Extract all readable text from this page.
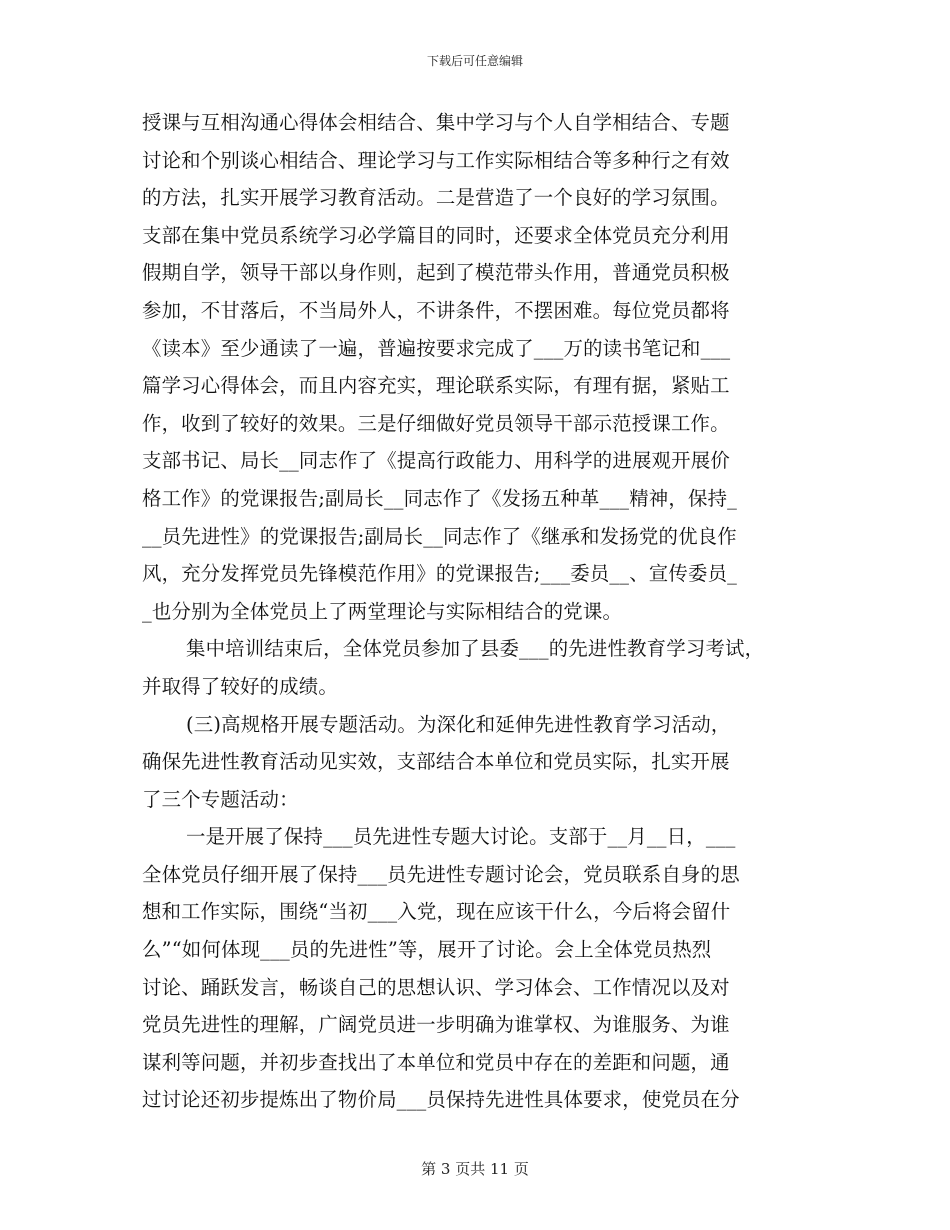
下载后可任意编辑
授课与互相沟通心得体会相结合、集中学习与个人自学相结合、专题
讨论和个别谈心相结合、理论学习与工作实际相结合等多种行之有效
的方法，扎实开展学习教育活动。二是营造了一个良好的学习氛围。
支部在集中党员系统学习必学篇目的同时，还要求全体党员充分利用
假期自学，领导干部以身作则，起到了模范带头作用，普通党员积极
参加，不甘落后，不当局外人，不讲条件，不摆困难。每位党员都将
《读本》至少通读了一遍，普遍按要求完成了___万的读书笔记和___
篇学习心得体会，而且内容充实，理论联系实际，有理有据，紧贴工
作，收到了较好的效果。三是仔细做好党员领导干部示范授课工作。
支部书记、局长__同志作了《提高行政能力、用科学的进展观开展价
格工作》的党课报告;副局长__同志作了《发扬五种革___精神，保持_
__员先进性》的党课报告;副局长__同志作了《继承和发扬党的优良作
风，充分发挥党员先锋模范作用》的党课报告;___委员__、宣传委员_
_也分别为全体党员上了两堂理论与实际相结合的党课。
集中培训结束后，全体党员参加了县委___的先进性教育学习考试，
并取得了较好的成绩。
(三)高规格开展专题活动。为深化和延伸先进性教育学习活动，
确保先进性教育活动见实效，支部结合本单位和党员实际，扎实开展
了三个专题活动：
一是开展了保持___员先进性专题大讨论。支部于__月__日，___
全体党员仔细开展了保持___员先进性专题讨论会，党员联系自身的思
想和工作实际，围绕“当初___入党，现在应该干什么，今后将会留什
么”“如何体现___员的先进性”等，展开了讨论。会上全体党员热烈
讨论、踊跃发言，畅谈自己的思想认识、学习体会、工作情况以及对
党员先进性的理解，广阔党员进一步明确为谁掌权、为谁服务、为谁
谋利等问题，并初步查找出了本单位和党员中存在的差距和问题，通
过讨论还初步提炼出了物价局___员保持先进性具体要求，使党员在分
第 3 页共 11 页
